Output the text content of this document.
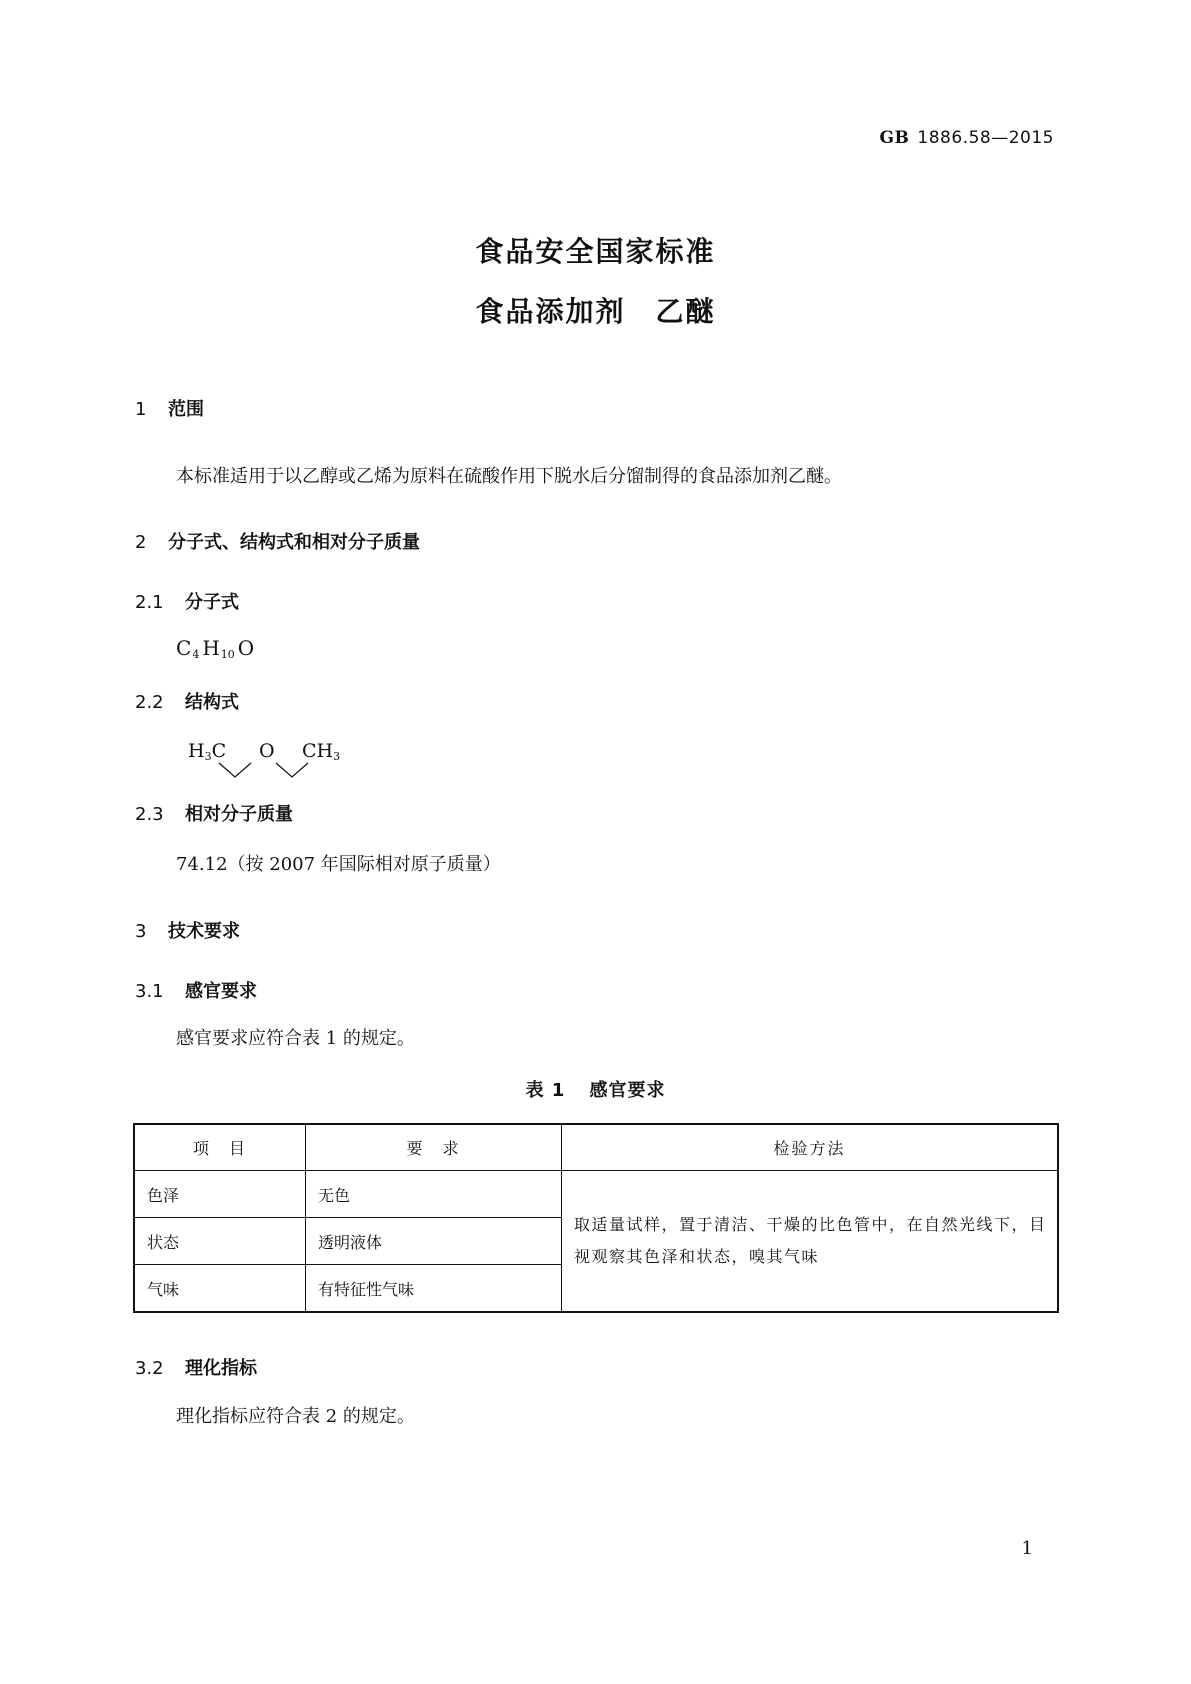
GB 1886.58—2015
食品安全国家标准
食品添加剂　乙醚
1 范围
本标准适用于以乙醇或乙烯为原料在硫酸作用下脱水后分馏制得的食品添加剂乙醚。
2 分子式、结构式和相对分子质量
2.1 分子式
$C_4$ $H_{10}$ O
2.2 结构式
$H_3C$ O $CH_3$
2.3 相对分子质量
74.12（按 2007 年国际相对原子质量）
3 技术要求
3.1 感官要求
感官要求应符合表 1 的规定。
表 1　 感官要求
项　目	要　求	检验方法
色泽	无色	取适量试样，置于清洁、干燥的比色管中，在自然光线下，目视观察其色泽和状态，嗅其气味
状态	透明液体	
气味	有特征性气味	
3.2 理化指标
理化指标应符合表 2 的规定。
1
